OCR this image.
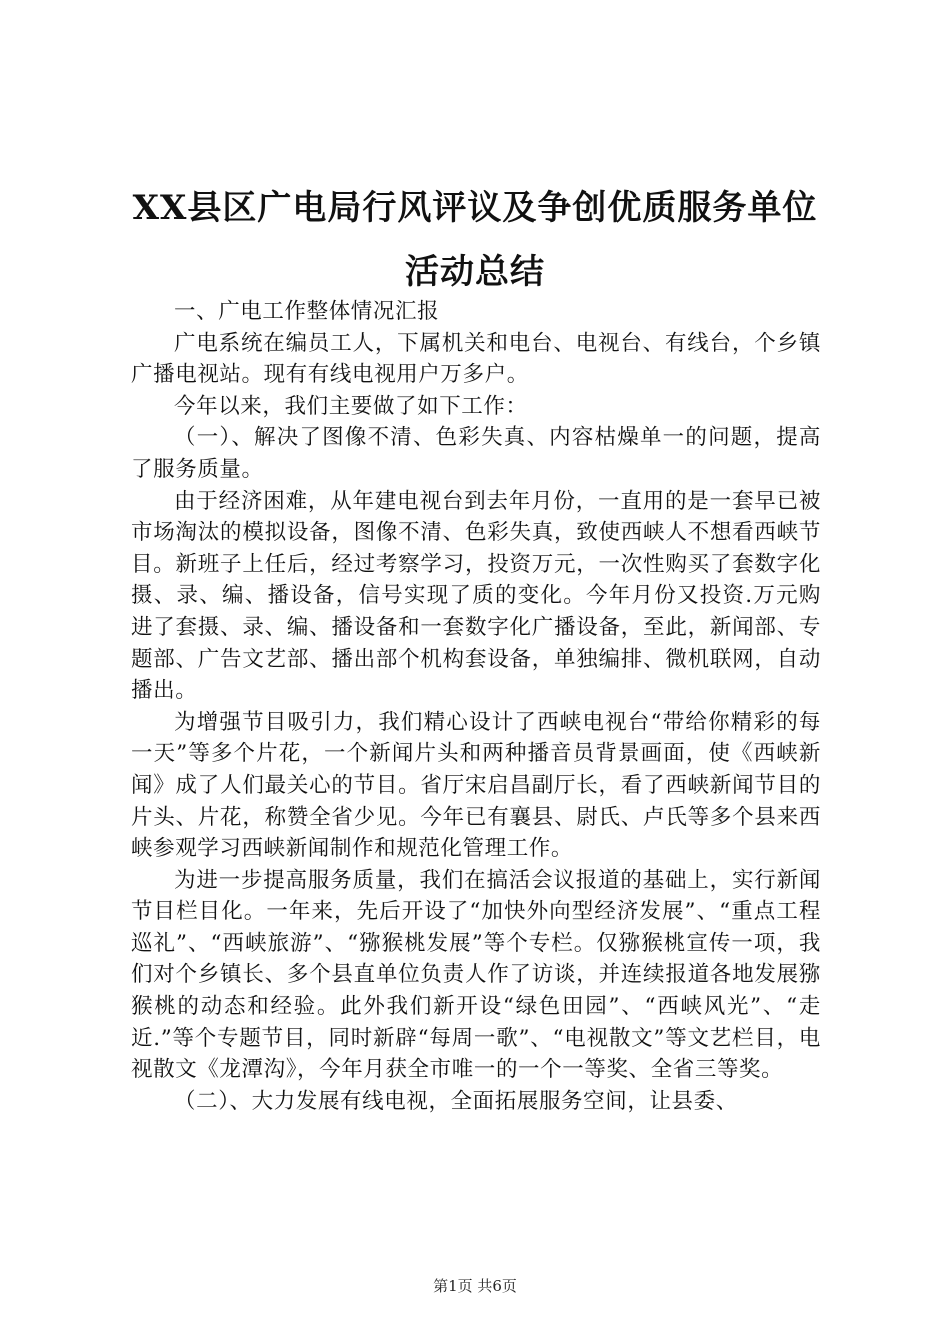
XX县区广电局行风评议及争创优质服务单位
活动总结

一、广电工作整体情况汇报

广电系统在编员工人，下属机关和电台、电视台、有线台，个乡镇广播电视站。现有有线电视用户万多户。

今年以来，我们主要做了如下工作：

（一）、解决了图像不清、色彩失真、内容枯燥单一的问题，提高了服务质量。

由于经济困难，从年建电视台到去年月份，一直用的是一套早已被市场淘汰的模拟设备，图像不清、色彩失真，致使西峡人不想看西峡节目。新班子上任后，经过考察学习，投资万元，一次性购买了套数字化摄、录、编、播设备，信号实现了质的变化。今年月份又投资.万元购进了套摄、录、编、播设备和一套数字化广播设备，至此，新闻部、专题部、广告文艺部、播出部个机构套设备，单独编排、微机联网，自动播出。

为增强节目吸引力，我们精心设计了西峡电视台“带给你精彩的每一天”等多个片花，一个新闻片头和两种播音员背景画面，使《西峡新闻》成了人们最关心的节目。省厅宋启昌副厅长，看了西峡新闻节目的片头、片花，称赞全省少见。今年已有襄县、尉氏、卢氏等多个县来西峡参观学习西峡新闻制作和规范化管理工作。

为进一步提高服务质量，我们在搞活会议报道的基础上，实行新闻节目栏目化。一年来，先后开设了“加快外向型经济发展”、“重点工程巡礼”、“西峡旅游”、“猕猴桃发展”等个专栏。仅猕猴桃宣传一项，我们对个乡镇长、多个县直单位负责人作了访谈，并连续报道各地发展猕猴桃的动态和经验。此外我们新开设“绿色田园”、“西峡风光”、“走近.”等个专题节目，同时新辟“每周一歌”、“电视散文”等文艺栏目，电视散文《龙潭沟》，今年月获全市唯一的一个一等奖、全省三等奖。

（二）、大力发展有线电视，全面拓展服务空间，让县委、

第1页 共6页
